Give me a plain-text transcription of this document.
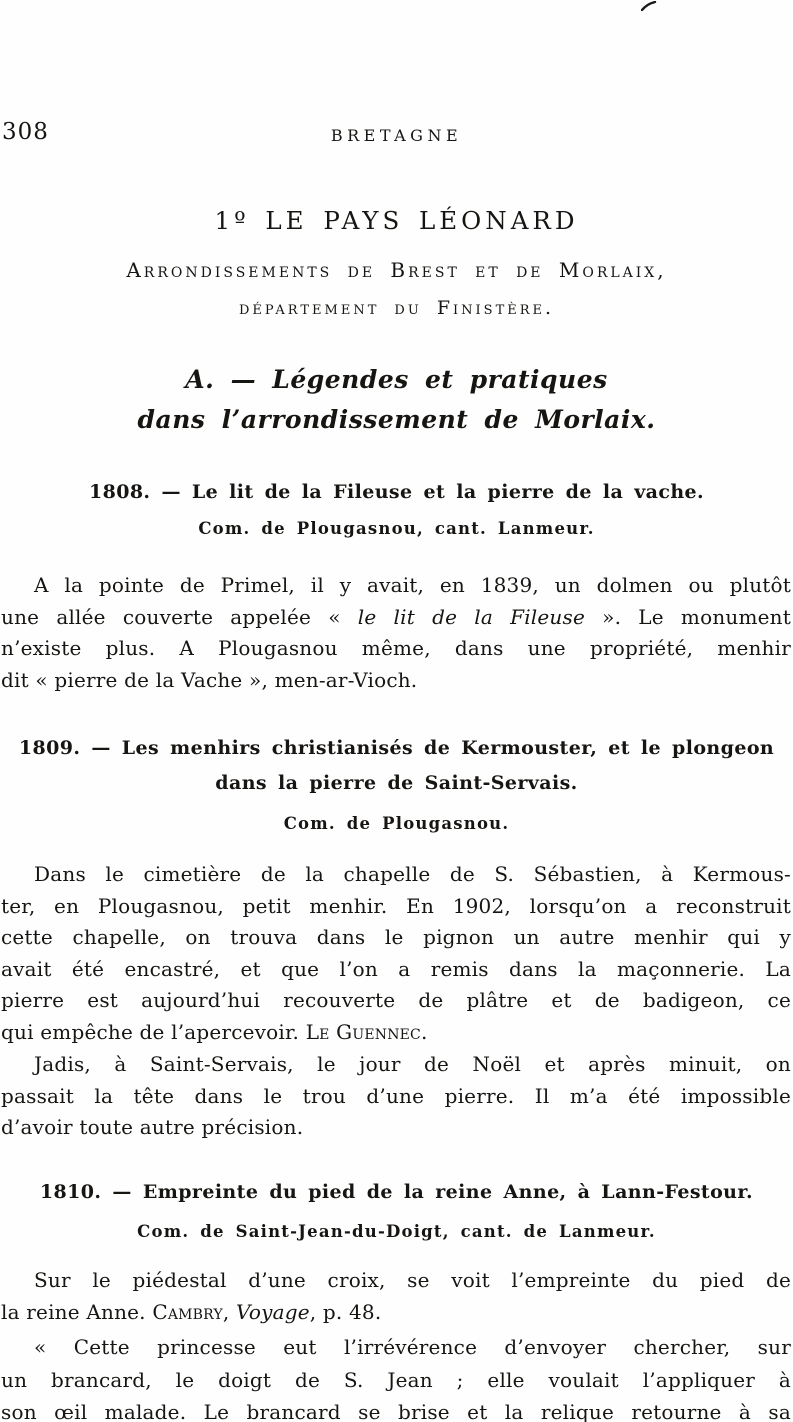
308	BRETAGNE
1º LE PAYS LÉONARD
Arrondissements de Brest et de Morlaix,
département du Finistère.
A. — Légendes et pratiques
dans l’arrondissement de Morlaix.
1808. — Le lit de la Fileuse et la pierre de la vache.
Com. de Plougasnou, cant. Lanmeur.
A la pointe de Primel, il y avait, en 1839, un dolmen ou plutôt
une allée couverte appelée « le lit de la Fileuse ». Le monument
n’existe plus. A Plougasnou même, dans une propriété, menhir
dit « pierre de la Vache », men-ar-Vioch.
1809. — Les menhirs christianisés de Kermouster, et le plongeon
dans la pierre de Saint-Servais.
Com. de Plougasnou.
Dans le cimetière de la chapelle de S. Sébastien, à Kermous-
ter, en Plougasnou, petit menhir. En 1902, lorsqu’on a reconstruit
cette chapelle, on trouva dans le pignon un autre menhir qui y
avait été encastré, et que l’on a remis dans la maçonnerie. La
pierre est aujourd’hui recouverte de plâtre et de badigeon, ce
qui empêche de l’apercevoir. Le Guennec.
Jadis, à Saint-Servais, le jour de Noël et après minuit, on
passait la tête dans le trou d’une pierre. Il m’a été impossible
d’avoir toute autre précision.
1810. — Empreinte du pied de la reine Anne, à Lann-Festour.
Com. de Saint-Jean-du-Doigt, cant. de Lanmeur.
Sur le piédestal d’une croix, se voit l’empreinte du pied de
la reine Anne. Cambry, Voyage, p. 48.
« Cette princesse eut l’irrévérence d’envoyer chercher, sur
un brancard, le doigt de S. Jean ; elle voulait l’appliquer à
son œil malade. Le brancard se brise et la relique retourne à sa
